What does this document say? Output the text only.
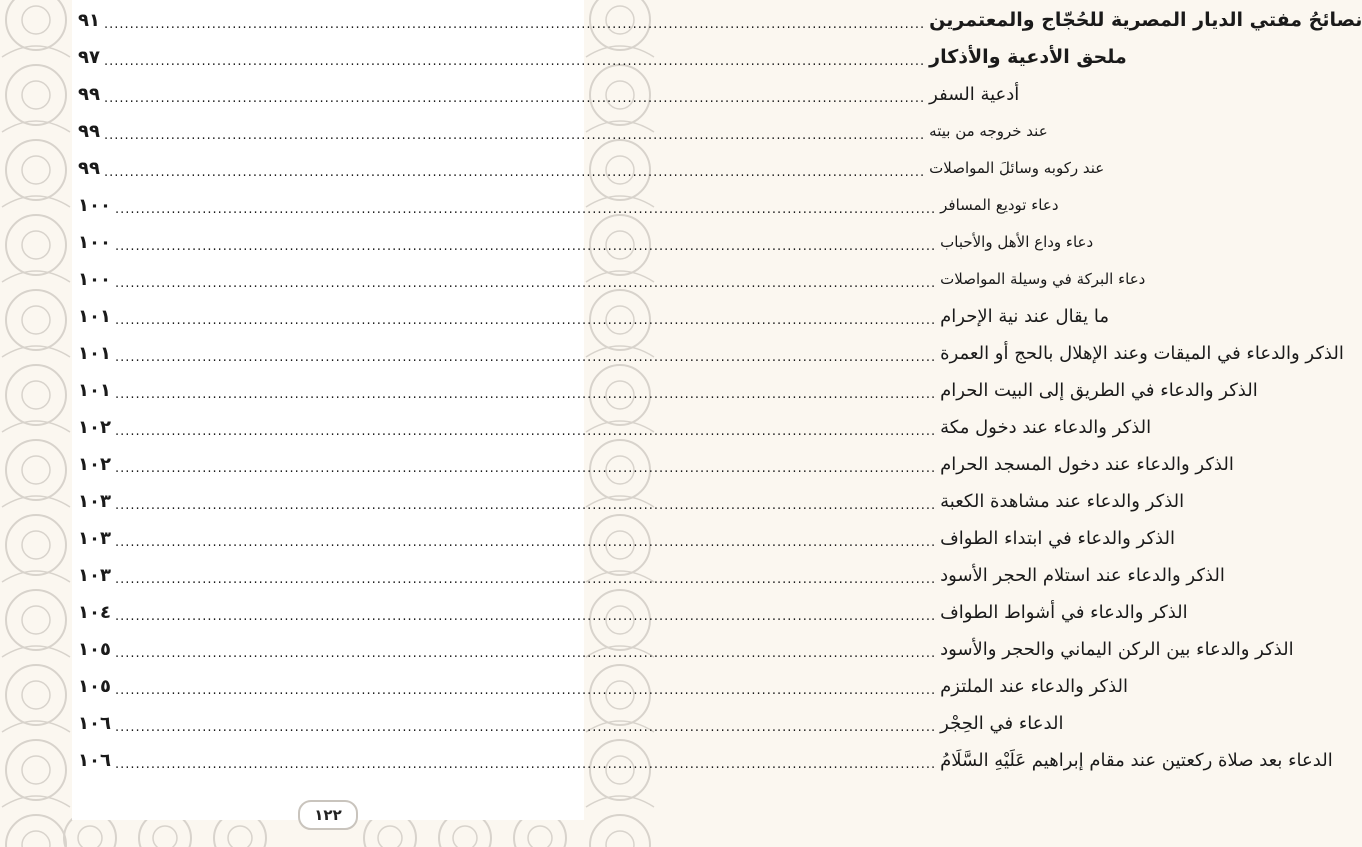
٩١ ................................................................................................................................................................ نصائحُ مفتي الديار المصرية للحُجّاج والمعتمرين
٩٧ ................................................................................................................................................................ ملحق الأدعية والأذكار
٩٩ ................................................................................................................................................................ أدعية السفر
٩٩ ................................................................................................................................................................ عند خروجه من بيته
٩٩ ................................................................................................................................................................ عند ركوبه وسائلَ المواصلات
١٠٠ ................................................................................................................................................................ دعاء توديع المسافر
١٠٠ ................................................................................................................................................................ دعاء وداع الأهل والأحباب
١٠٠ ................................................................................................................................................................ دعاء البركة في وسيلة المواصلات
١٠١ ................................................................................................................................................................ ما يقال عند نية الإحرام
١٠١ ................................................................................................................................................................ الذكر والدعاء في الميقات وعند الإهلال بالحج أو العمرة
١٠١ ................................................................................................................................................................ الذكر والدعاء في الطريق إلى البيت الحرام
١٠٢ ................................................................................................................................................................ الذكر والدعاء عند دخول مكة
١٠٢ ................................................................................................................................................................ الذكر والدعاء عند دخول المسجد الحرام
١٠٣ ................................................................................................................................................................ الذكر والدعاء عند مشاهدة الكعبة
١٠٣ ................................................................................................................................................................ الذكر والدعاء في ابتداء الطواف
١٠٣ ................................................................................................................................................................ الذكر والدعاء عند استلام الحجر الأسود
١٠٤ ................................................................................................................................................................ الذكر والدعاء في أشواط الطواف
١٠٥ ................................................................................................................................................................ الذكر والدعاء بين الركن اليماني والحجر والأسود
١٠٥ ................................................................................................................................................................ الذكر والدعاء عند الملتزم
١٠٦ ................................................................................................................................................................ الدعاء في الحِجْر
١٠٦ ................................................................................................................................................................ الدعاء بعد صلاة ركعتين عند مقام إبراهيم عَلَيْهِ السَّلَامُ
١٢٢
